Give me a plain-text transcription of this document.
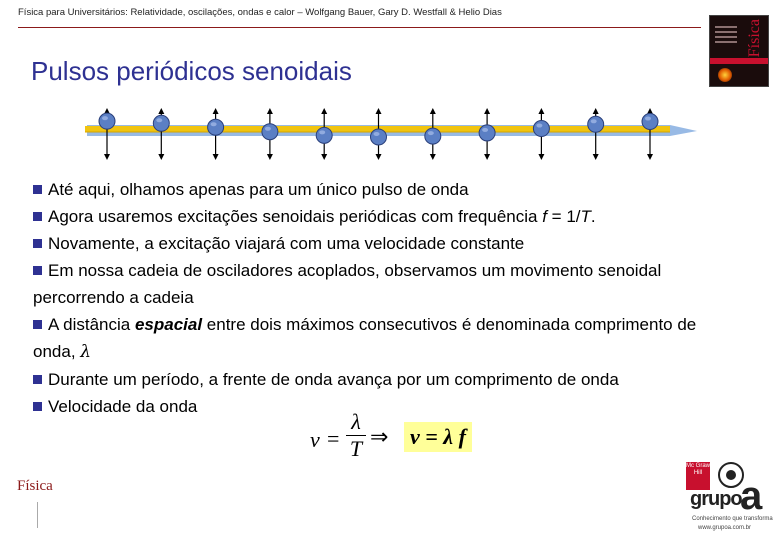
Física para Universitários: Relatividade, oscilações, ondas e calor – Wolfgang Bauer, Gary D. Westfall & Helio Dias
Física
Pulsos periódicos senoidais

Até aqui, olhamos apenas para um único pulso de onda

Agora usaremos excitações senoidais periódicas com frequência f = 1/T.

Novamente, a excitação viajará com uma velocidade constante

Em nossa cadeia de osciladores acoplados, observamos um movimento senoidal percorrendo a cadeia

A distância espacial entre dois máximos consecutivos é denominada comprimento de onda, λ

Durante um período, a frente de onda avança por um comprimento de onda

Velocidade da onda

v =
λ
T ⇒ v = λ f
Física
Mc Graw Hill
grupo
a
Conhecimento que transforma
www.grupoa.com.br
